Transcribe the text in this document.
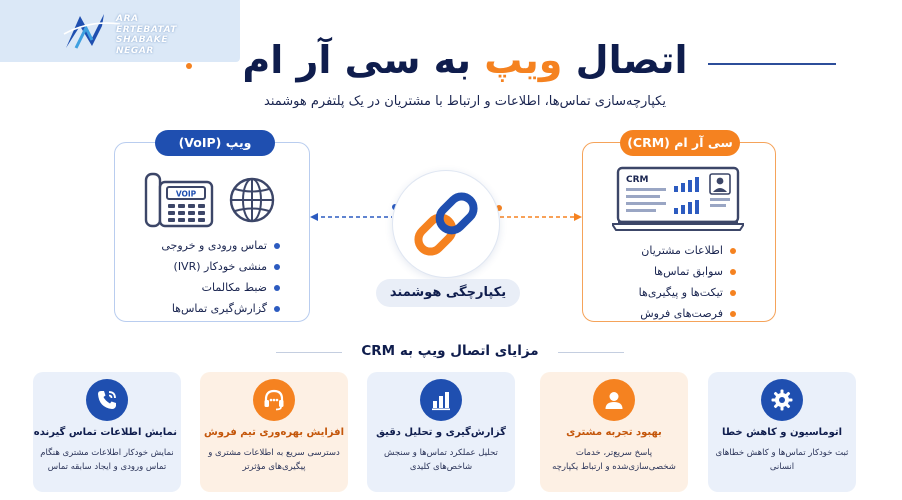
ARA
ERTEBATAT
SHABAKE
NEGAR	اتصال ویپ به سی آر ام
یکپارچه‌سازی تماس‌ها، اطلاعات و ارتباط با مشتریان در یک پلتفرم هوشمند
ویپ (VoIP)
VOIP
تماس ورودی و خروجی
منشی خودکار (IVR)
ضبط مکالمات
گزارش‌گیری تماس‌ها
سی آر ام (CRM)
CRM
اطلاعات مشتریان
سوابق تماس‌ها
تیکت‌ها و پیگیری‌ها
فرصت‌های فروش
یکپارچگی هوشمند
مزایای اتصال ویپ به CRM
نمایش اطلاعات تماس گیرنده
نمایش خودکار اطلاعات مشتری هنگام تماس ورودی و ایجاد سابقه تماس
افزایش بهره‌وری تیم فروش
دسترسی سریع به اطلاعات مشتری و پیگیری‌های مؤثرتر
گزارش‌گیری و تحلیل دقیق
تحلیل عملکرد تماس‌ها و سنجش شاخص‌های کلیدی
بهبود تجربه مشتری
پاسخ سریع‌تر، خدمات شخصی‌سازی‌شده و ارتباط یکپارچه
اتوماسیون و کاهش خطا
ثبت خودکار تماس‌ها و کاهش خطاهای انسانی
